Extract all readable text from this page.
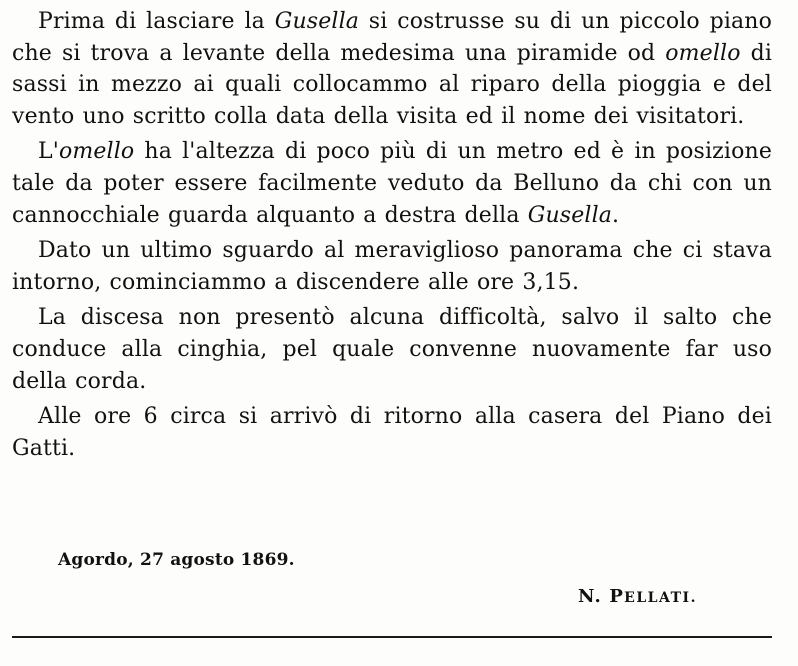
Prima di lasciare la Gusella si costrusse su di un piccolo piano che si trova a levante della medesima una piramide od omello di sassi in mezzo ai quali collocammo al riparo della pioggia e del vento uno scritto colla data della visita ed il nome dei visitatori.

L'omello ha l'altezza di poco più di un metro ed è in posizione tale da poter essere facilmente veduto da Belluno da chi con un cannocchiale guarda alquanto a destra della Gusella.

Dato un ultimo sguardo al meraviglioso panorama che ci stava intorno, cominciammo a discendere alle ore 3,15.

La discesa non presentò alcuna difficoltà, salvo il salto che conduce alla cinghia, pel quale convenne nuovamente far uso della corda.

Alle ore 6 circa si arrivò di ritorno alla casera del Piano dei Gatti.

Agordo, 27 agosto 1869.
N. PELLATI.
